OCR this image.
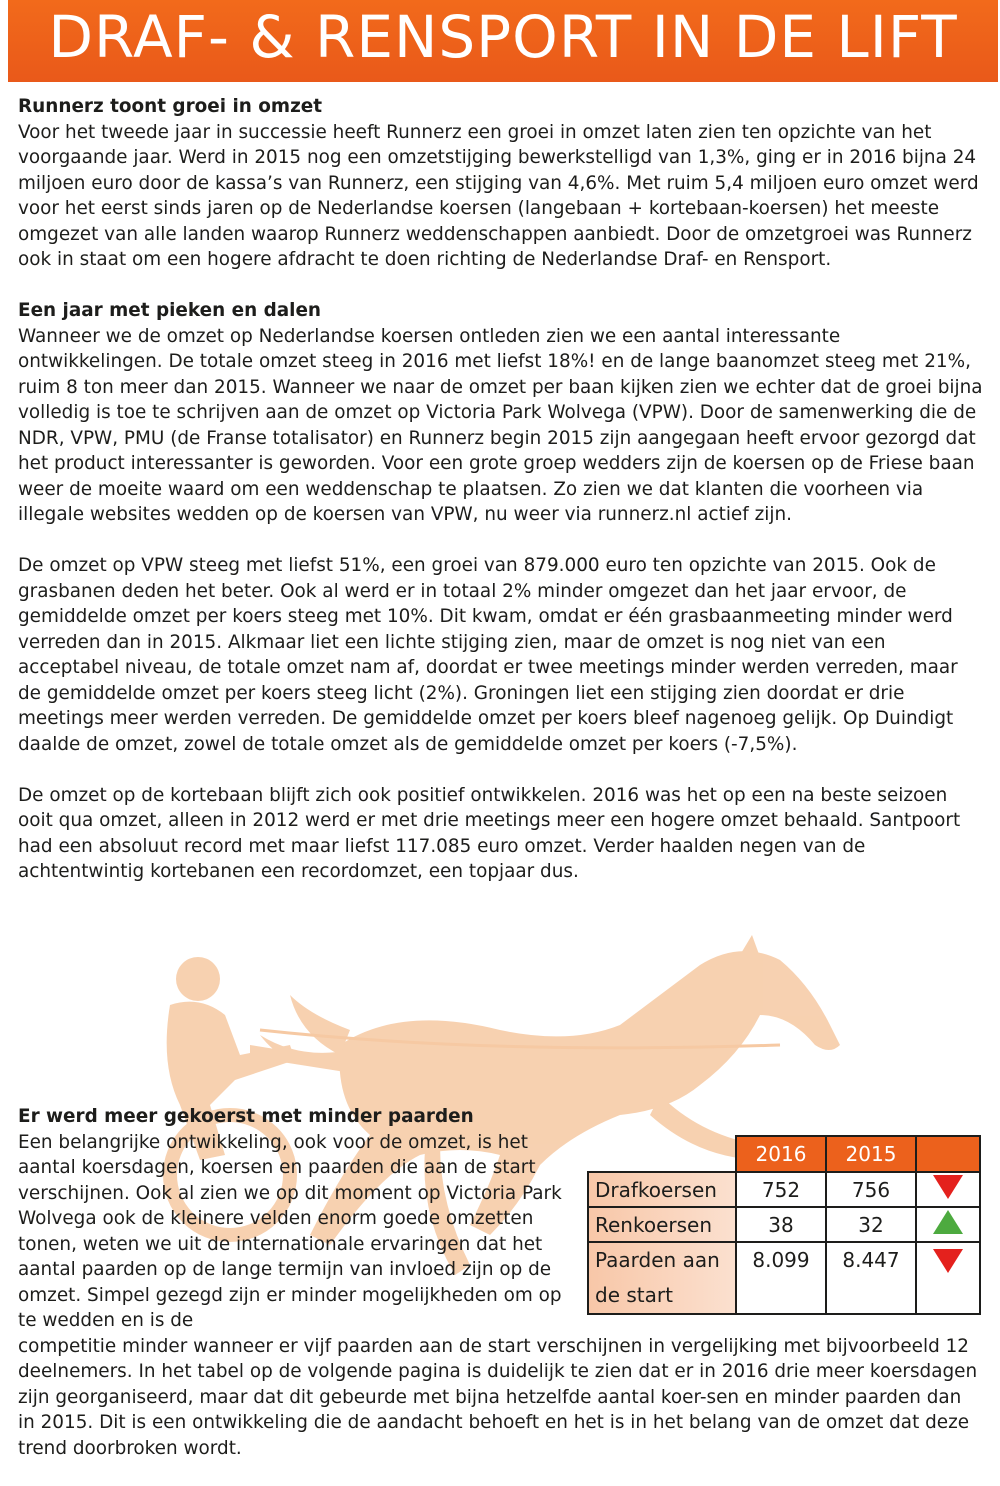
DRAF- & RENSPORT IN DE LIFT
Runnerz toont groei in omzet

Voor het tweede jaar in successie heeft Runnerz een groei in omzet laten zien ten opzichte van het voorgaande jaar. Werd in 2015 nog een omzetstijging bewerkstelligd van 1,3%, ging er in 2016 bijna 24 miljoen euro door de kassa’s van Runnerz, een stijging van 4,6%. Met ruim 5,4 miljoen euro omzet werd voor het eerst sinds jaren op de Nederlandse koersen (langebaan + kortebaan-koersen) het meeste omgezet van alle landen waarop Runnerz weddenschappen aanbiedt. Door de omzetgroei was Runnerz ook in staat om een hogere afdracht te doen richting de Nederlandse Draf- en Rensport.

Een jaar met pieken en dalen

Wanneer we de omzet op Nederlandse koersen ontleden zien we een aantal interessante ontwikkelingen. De totale omzet steeg in 2016 met liefst 18%! en de lange baanomzet steeg met 21%, ruim 8 ton meer dan 2015. Wanneer we naar de omzet per baan kijken zien we echter dat de groei bijna volledig is toe te schrijven aan de omzet op Victoria Park Wolvega (VPW). Door de samenwerking die de NDR, VPW, PMU (de Franse totalisator) en Runnerz begin 2015 zijn aangegaan heeft ervoor gezorgd dat het product interessanter is geworden. Voor een grote groep wedders zijn de koersen op de Friese baan weer de moeite waard om een weddenschap te plaatsen. Zo zien we dat klanten die voorheen via illegale websites wedden op de koersen van VPW, nu weer via runnerz.nl actief zijn.

De omzet op VPW steeg met liefst 51%, een groei van 879.000 euro ten opzichte van 2015. Ook de grasbanen deden het beter. Ook al werd er in totaal 2% minder omgezet dan het jaar ervoor, de gemiddelde omzet per koers steeg met 10%. Dit kwam, omdat er één grasbaanmeeting minder werd verreden dan in 2015. Alkmaar liet een lichte stijging zien, maar de omzet is nog niet van een acceptabel niveau, de totale omzet nam af, doordat er twee meetings minder werden verreden, maar de gemiddelde omzet per koers steeg licht (2%). Groningen liet een stijging zien doordat er drie meetings meer werden verreden. De gemiddelde omzet per koers bleef nagenoeg gelijk. Op Duindigt daalde de omzet, zowel de totale omzet als de gemiddelde omzet per koers (-7,5%).

De omzet op de kortebaan blijft zich ook positief ontwikkelen. 2016 was het op een na beste seizoen ooit qua omzet, alleen in 2012 werd er met drie meetings meer een hogere omzet behaald. Santpoort had een absoluut record met maar liefst 117.085 euro omzet. Verder haalden negen van de achtentwintig kortebanen een recordomzet, een topjaar dus.

Er werd meer gekoerst met minder paarden

Een belangrijke ontwikkeling, ook voor de omzet, is het aantal koersdagen, koersen en paarden die aan de start verschijnen. Ook al zien we op dit moment op Victoria Park Wolvega ook de kleinere velden enorm goede omzetten tonen, weten we uit de internationale ervaringen dat het aantal paarden op de lange termijn van invloed zijn op de omzet. Simpel gezegd zijn er minder mogelijkheden om op te wedden en is de

competitie minder wanneer er vijf paarden aan de start verschijnen in vergelijking met bijvoorbeeld 12 deelnemers. In het tabel op de volgende pagina is duidelijk te zien dat er in 2016 drie meer koersdagen zijn georganiseerd, maar dat dit gebeurde met bijna hetzelfde aantal koer-sen en minder paarden dan in 2015. Dit is een ontwikkeling die de aandacht behoeft en het is in het belang van de omzet dat deze trend doorbroken wordt.

	2016	2015	
Drafkoersen	752	756	
Renkoersen	38	32	
Paarden aan de start	8.099	8.447	
